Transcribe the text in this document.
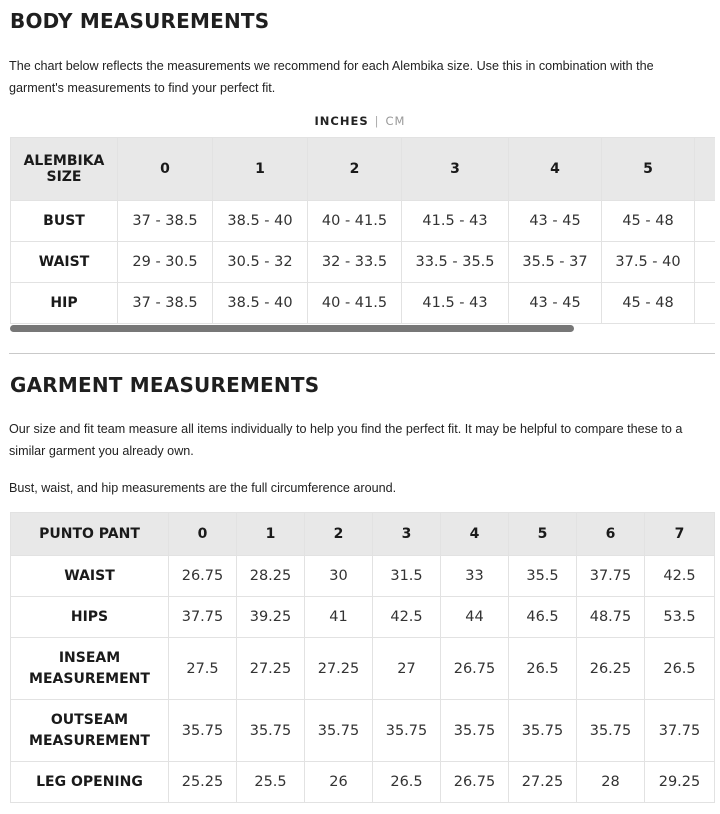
BODY MEASUREMENTS

The chart below reflects the measurements we recommend for each Alembika size. Use this in combination with the garment's measurements to find your perfect fit.

INCHES | CM
ALEMBIKA SIZE	0	1	2	3	4	5	
BUST	37 - 38.5	38.5 - 40	40 - 41.5	41.5 - 43	43 - 45	45 - 48	
WAIST	29 - 30.5	30.5 - 32	32 - 33.5	33.5 - 35.5	35.5 - 37	37.5 - 40	
HIP	37 - 38.5	38.5 - 40	40 - 41.5	41.5 - 43	43 - 45	45 - 48	
GARMENT MEASUREMENTS

Our size and fit team measure all items individually to help you find the perfect fit. It may be helpful to compare these to a similar garment you already own.

Bust, waist, and hip measurements are the full circumference around.

PUNTO PANT	0	1	2	3	4	5	6	7
WAIST	26.75	28.25	30	31.5	33	35.5	37.75	42.5
HIPS	37.75	39.25	41	42.5	44	46.5	48.75	53.5
INSEAM MEASUREMENT	27.5	27.25	27.25	27	26.75	26.5	26.25	26.5
OUTSEAM MEASUREMENT	35.75	35.75	35.75	35.75	35.75	35.75	35.75	37.75
LEG OPENING	25.25	25.5	26	26.5	26.75	27.25	28	29.25
